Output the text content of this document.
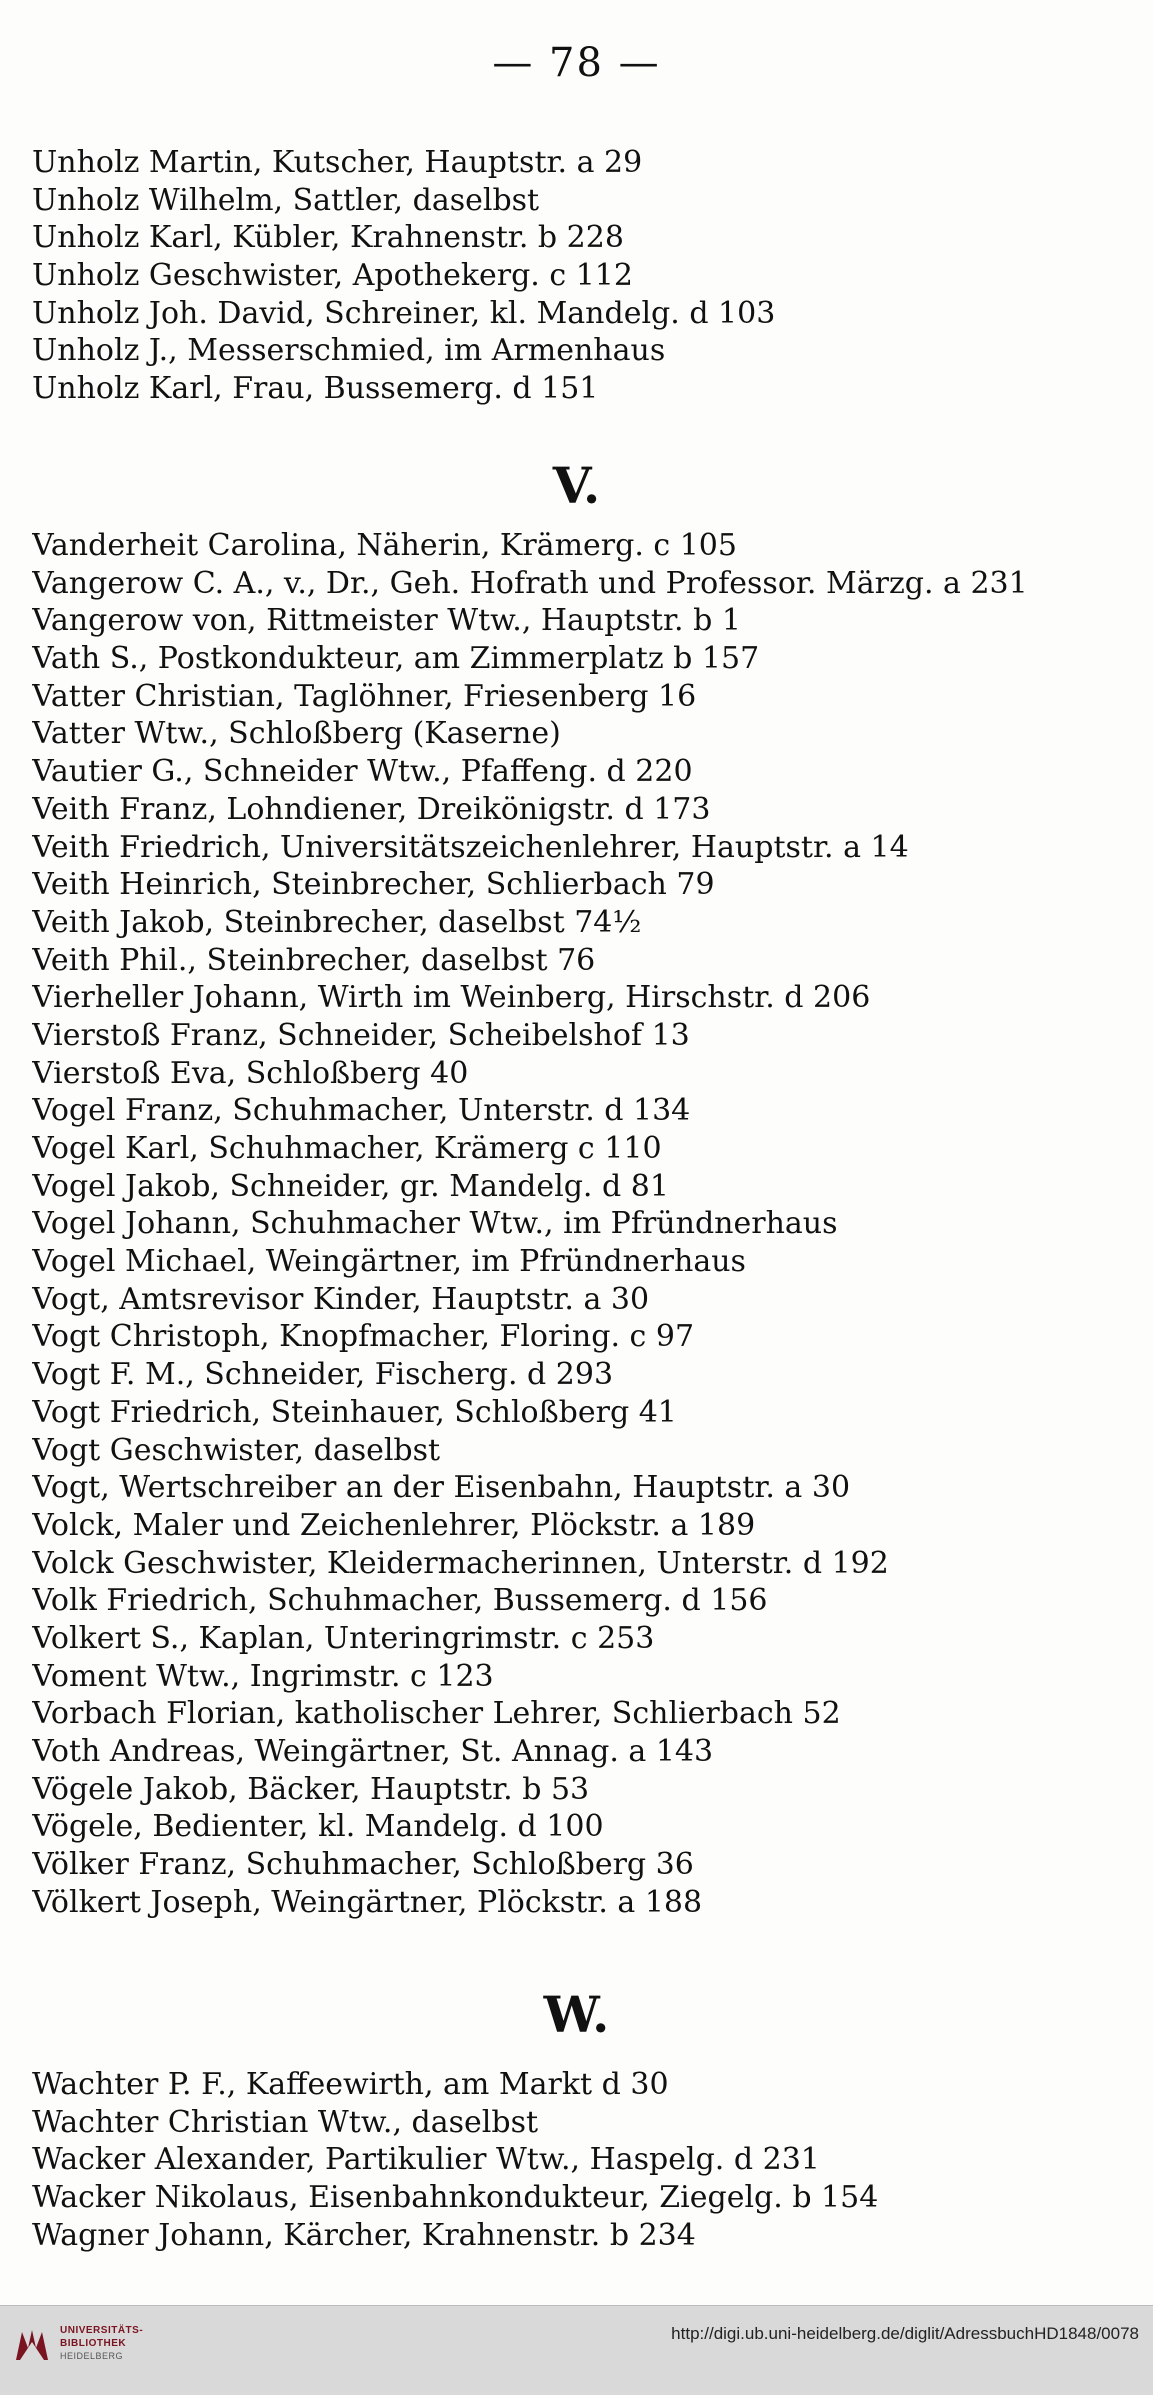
— 78 —
Unholz Martin, Kutscher, Hauptstr. a 29
Unholz Wilhelm, Sattler, daselbst
Unholz Karl, Kübler, Krahnenstr. b 228
Unholz Geschwister, Apothekerg. c 112
Unholz Joh. David, Schreiner, kl. Mandelg. d 103
Unholz J., Messerschmied, im Armenhaus
Unholz Karl, Frau, Bussemerg. d 151
V.
Vanderheit Carolina, Näherin, Krämerg. c 105
Vangerow C. A., v., Dr., Geh. Hofrath und Professor. Märzg. a 231
Vangerow von, Rittmeister Wtw., Hauptstr. b 1
Vath S., Postkondukteur, am Zimmerplatz b 157
Vatter Christian, Taglöhner, Friesenberg 16
Vatter Wtw., Schloßberg (Kaserne)
Vautier G., Schneider Wtw., Pfaffeng. d 220
Veith Franz, Lohndiener, Dreikönigstr. d 173
Veith Friedrich, Universitätszeichenlehrer, Hauptstr. a 14
Veith Heinrich, Steinbrecher, Schlierbach 79
Veith Jakob, Steinbrecher, daselbst 74½
Veith Phil., Steinbrecher, daselbst 76
Vierheller Johann, Wirth im Weinberg, Hirschstr. d 206
Vierstoß Franz, Schneider, Scheibelshof 13
Vierstoß Eva, Schloßberg 40
Vogel Franz, Schuhmacher, Unterstr. d 134
Vogel Karl, Schuhmacher, Krämerg c 110
Vogel Jakob, Schneider, gr. Mandelg. d 81
Vogel Johann, Schuhmacher Wtw., im Pfründnerhaus
Vogel Michael, Weingärtner, im Pfründnerhaus
Vogt, Amtsrevisor Kinder, Hauptstr. a 30
Vogt Christoph, Knopfmacher, Floring. c 97
Vogt F. M., Schneider, Fischerg. d 293
Vogt Friedrich, Steinhauer, Schloßberg 41
Vogt Geschwister, daselbst
Vogt, Wertschreiber an der Eisenbahn, Hauptstr. a 30
Volck, Maler und Zeichenlehrer, Plöckstr. a 189
Volck Geschwister, Kleidermacherinnen, Unterstr. d 192
Volk Friedrich, Schuhmacher, Bussemerg. d 156
Volkert S., Kaplan, Unteringrimstr. c 253
Voment Wtw., Ingrimstr. c 123
Vorbach Florian, katholischer Lehrer, Schlierbach 52
Voth Andreas, Weingärtner, St. Annag. a 143
Vögele Jakob, Bäcker, Hauptstr. b 53
Vögele, Bedienter, kl. Mandelg. d 100
Völker Franz, Schuhmacher, Schloßberg 36
Völkert Joseph, Weingärtner, Plöckstr. a 188
W.
Wachter P. F., Kaffeewirth, am Markt d 30
Wachter Christian Wtw., daselbst
Wacker Alexander, Partikulier Wtw., Haspelg. d 231
Wacker Nikolaus, Eisenbahnkondukteur, Ziegelg. b 154
Wagner Johann, Kärcher, Krahnenstr. b 234
UNIVERSITÄTS-
BIBLIOTHEK
HEIDELBERG
http://digi.ub.uni-heidelberg.de/diglit/AdressbuchHD1848/0078
